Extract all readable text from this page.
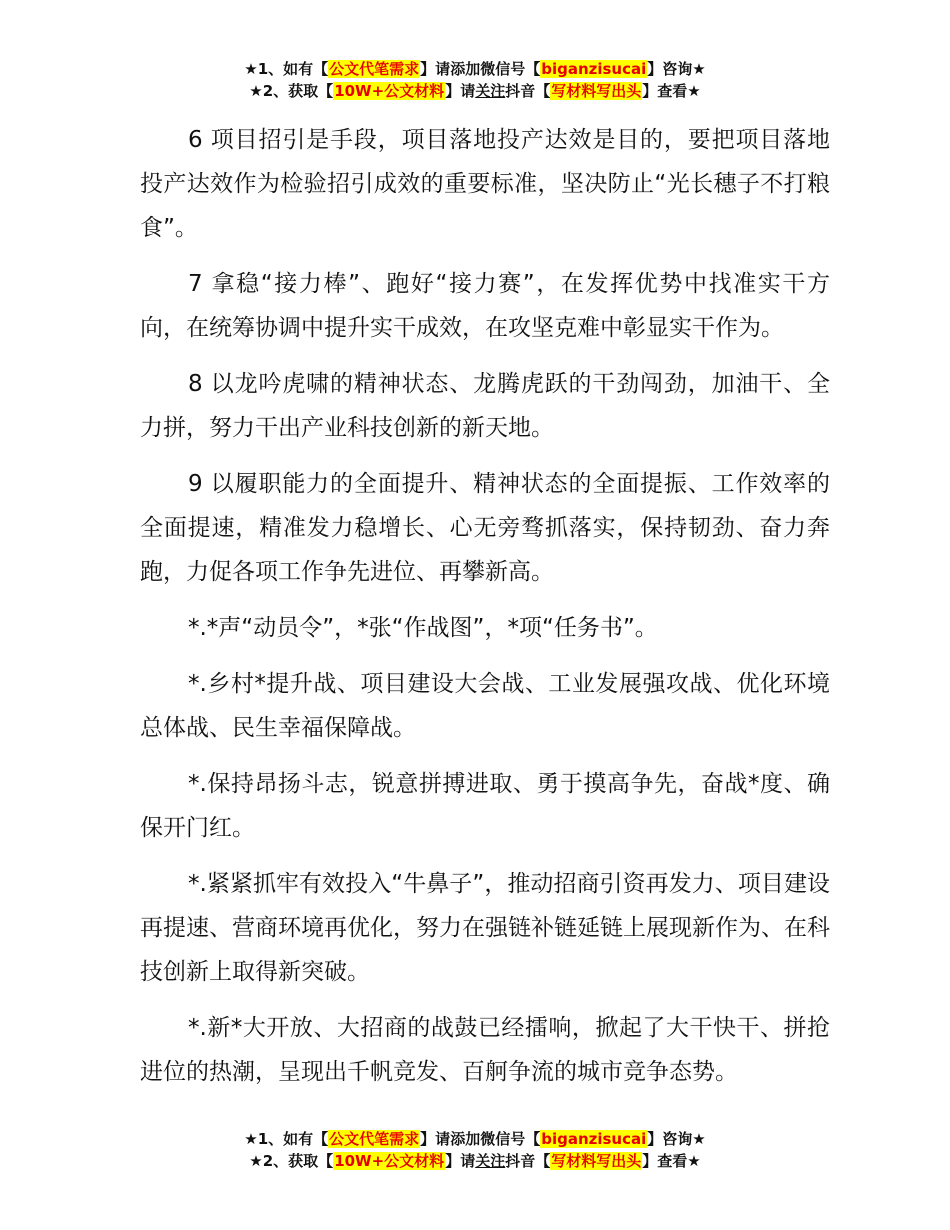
★1、如有【公文代笔需求】请添加微信号【biganzisucai】咨询★
★2、获取【10W+公文材料】请关注抖音【写材料写出头】查看★

6 项目招引是手段，项目落地投产达效是目的，要把项目落地投产达效作为检验招引成效的重要标准，坚决防止“光长穗子不打粮食”。

7 拿稳“接力棒”、跑好“接力赛”，在发挥优势中找准实干方向，在统筹协调中提升实干成效，在攻坚克难中彰显实干作为。

8 以龙吟虎啸的精神状态、龙腾虎跃的干劲闯劲，加油干、全力拼，努力干出产业科技创新的新天地。

9 以履职能力的全面提升、精神状态的全面提振、工作效率的全面提速，精准发力稳增长、心无旁骛抓落实，保持韧劲、奋力奔跑，力促各项工作争先进位、再攀新高。

*.*声“动员令”，*张“作战图”，*项“任务书”。

*.乡村*提升战、项目建设大会战、工业发展强攻战、优化环境总体战、民生幸福保障战。

*.保持昂扬斗志，锐意拼搏进取、勇于摸高争先，奋战*度、确保开门红。

*.紧紧抓牢有效投入“牛鼻子”，推动招商引资再发力、项目建设再提速、营商环境再优化，努力在强链补链延链上展现新作为、在科技创新上取得新突破。

*.新*大开放、大招商的战鼓已经擂响，掀起了大干快干、拼抢进位的热潮，呈现出千帆竞发、百舸争流的城市竞争态势。

★1、如有【公文代笔需求】请添加微信号【biganzisucai】咨询★
★2、获取【10W+公文材料】请关注抖音【写材料写出头】查看★
